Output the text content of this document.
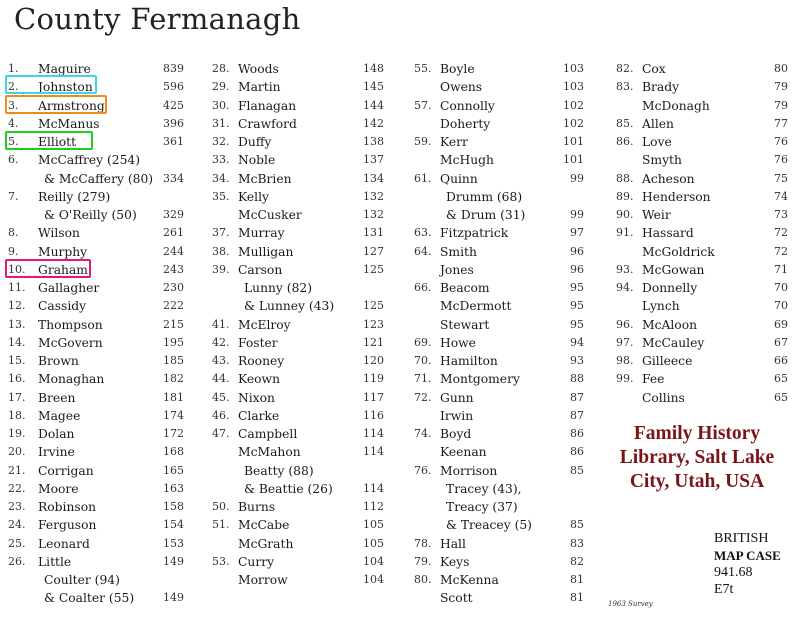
County Fermanagh
1.	Maguire	839
2.	Johnston	596
3.	Armstrong	425
4.	McManus	396
5.	Elliott	361
6.	McCaffrey (254)
& McCaffery (80) 334
7.	Reilly (279)
& O'Reilly (50)	329
8.	Wilson	261
9.	Murphy	244
10.	Graham	243
11.	Gallagher	230
12.	Cassidy	222
13.	Thompson	215
14.	McGovern	195
15.	Brown	185
16.	Monaghan	182
17.	Breen	181
18.	Magee	174
19.	Dolan	172
20.	Irvine	168
21.	Corrigan	165
22.	Moore	163
23.	Robinson	158
24.	Ferguson	154
25.	Leonard	153
26.	Little	149
Coulter (94)
& Coalter (55)	149
28. Woods	148
29. Martin	145
30. Flanagan	144
31. Crawford	142
32. Duffy	138
33. Noble	137
34. McBrien	134
35. Kelly	132
McCusker	132
37. Murray	131
38. Mulligan	127
39. Carson	125
Lunny (82)
& Lunney (43)	125
41. McElroy	123
42. Foster	121
43. Rooney	120
44. Keown	119
45. Nixon	117
46. Clarke	116
47. Campbell	114
McMahon	114
Beatty (88)
& Beattie (26)	114
50. Burns	112
51. McCabe	105
McGrath	105
53. Curry	104
Morrow	104
55. Boyle	103
Owens	103
57. Connolly	102
Doherty	102
59. Kerr	101
McHugh	101
61. Quinn	99
Drumm (68)
& Drum (31)	99
63. Fitzpatrick	97
64. Smith	96
Jones	96
66. Beacom	95
McDermott	95
Stewart	95
69. Howe	94
70. Hamilton	93
71. Montgomery	88
72. Gunn	87
Irwin	87
74. Boyd	86
Keenan	86
76. Morrison	85
Tracey (43),
Treacy (37)
& Treacey (5)	85
78. Hall	83
79. Keys	82
80. McKenna	81
Scott	81
82. Cox	80
83. Brady	79
McDonagh	79
85. Allen	77
86. Love	76
Smyth	76
88. Acheson	75
89. Henderson	74
90. Weir	73
91. Hassard	72
McGoldrick	72
93. McGowan	71
94. Donnelly	70
Lynch	70
96. McAloon	69
97. McCauley	67
98. Gilleece	66
99. Fee	65
Collins	65
Family History
Library, Salt Lake
City, Utah, USA
BRITISH
MAP CASE
941.68
E7t
1963 Survey
